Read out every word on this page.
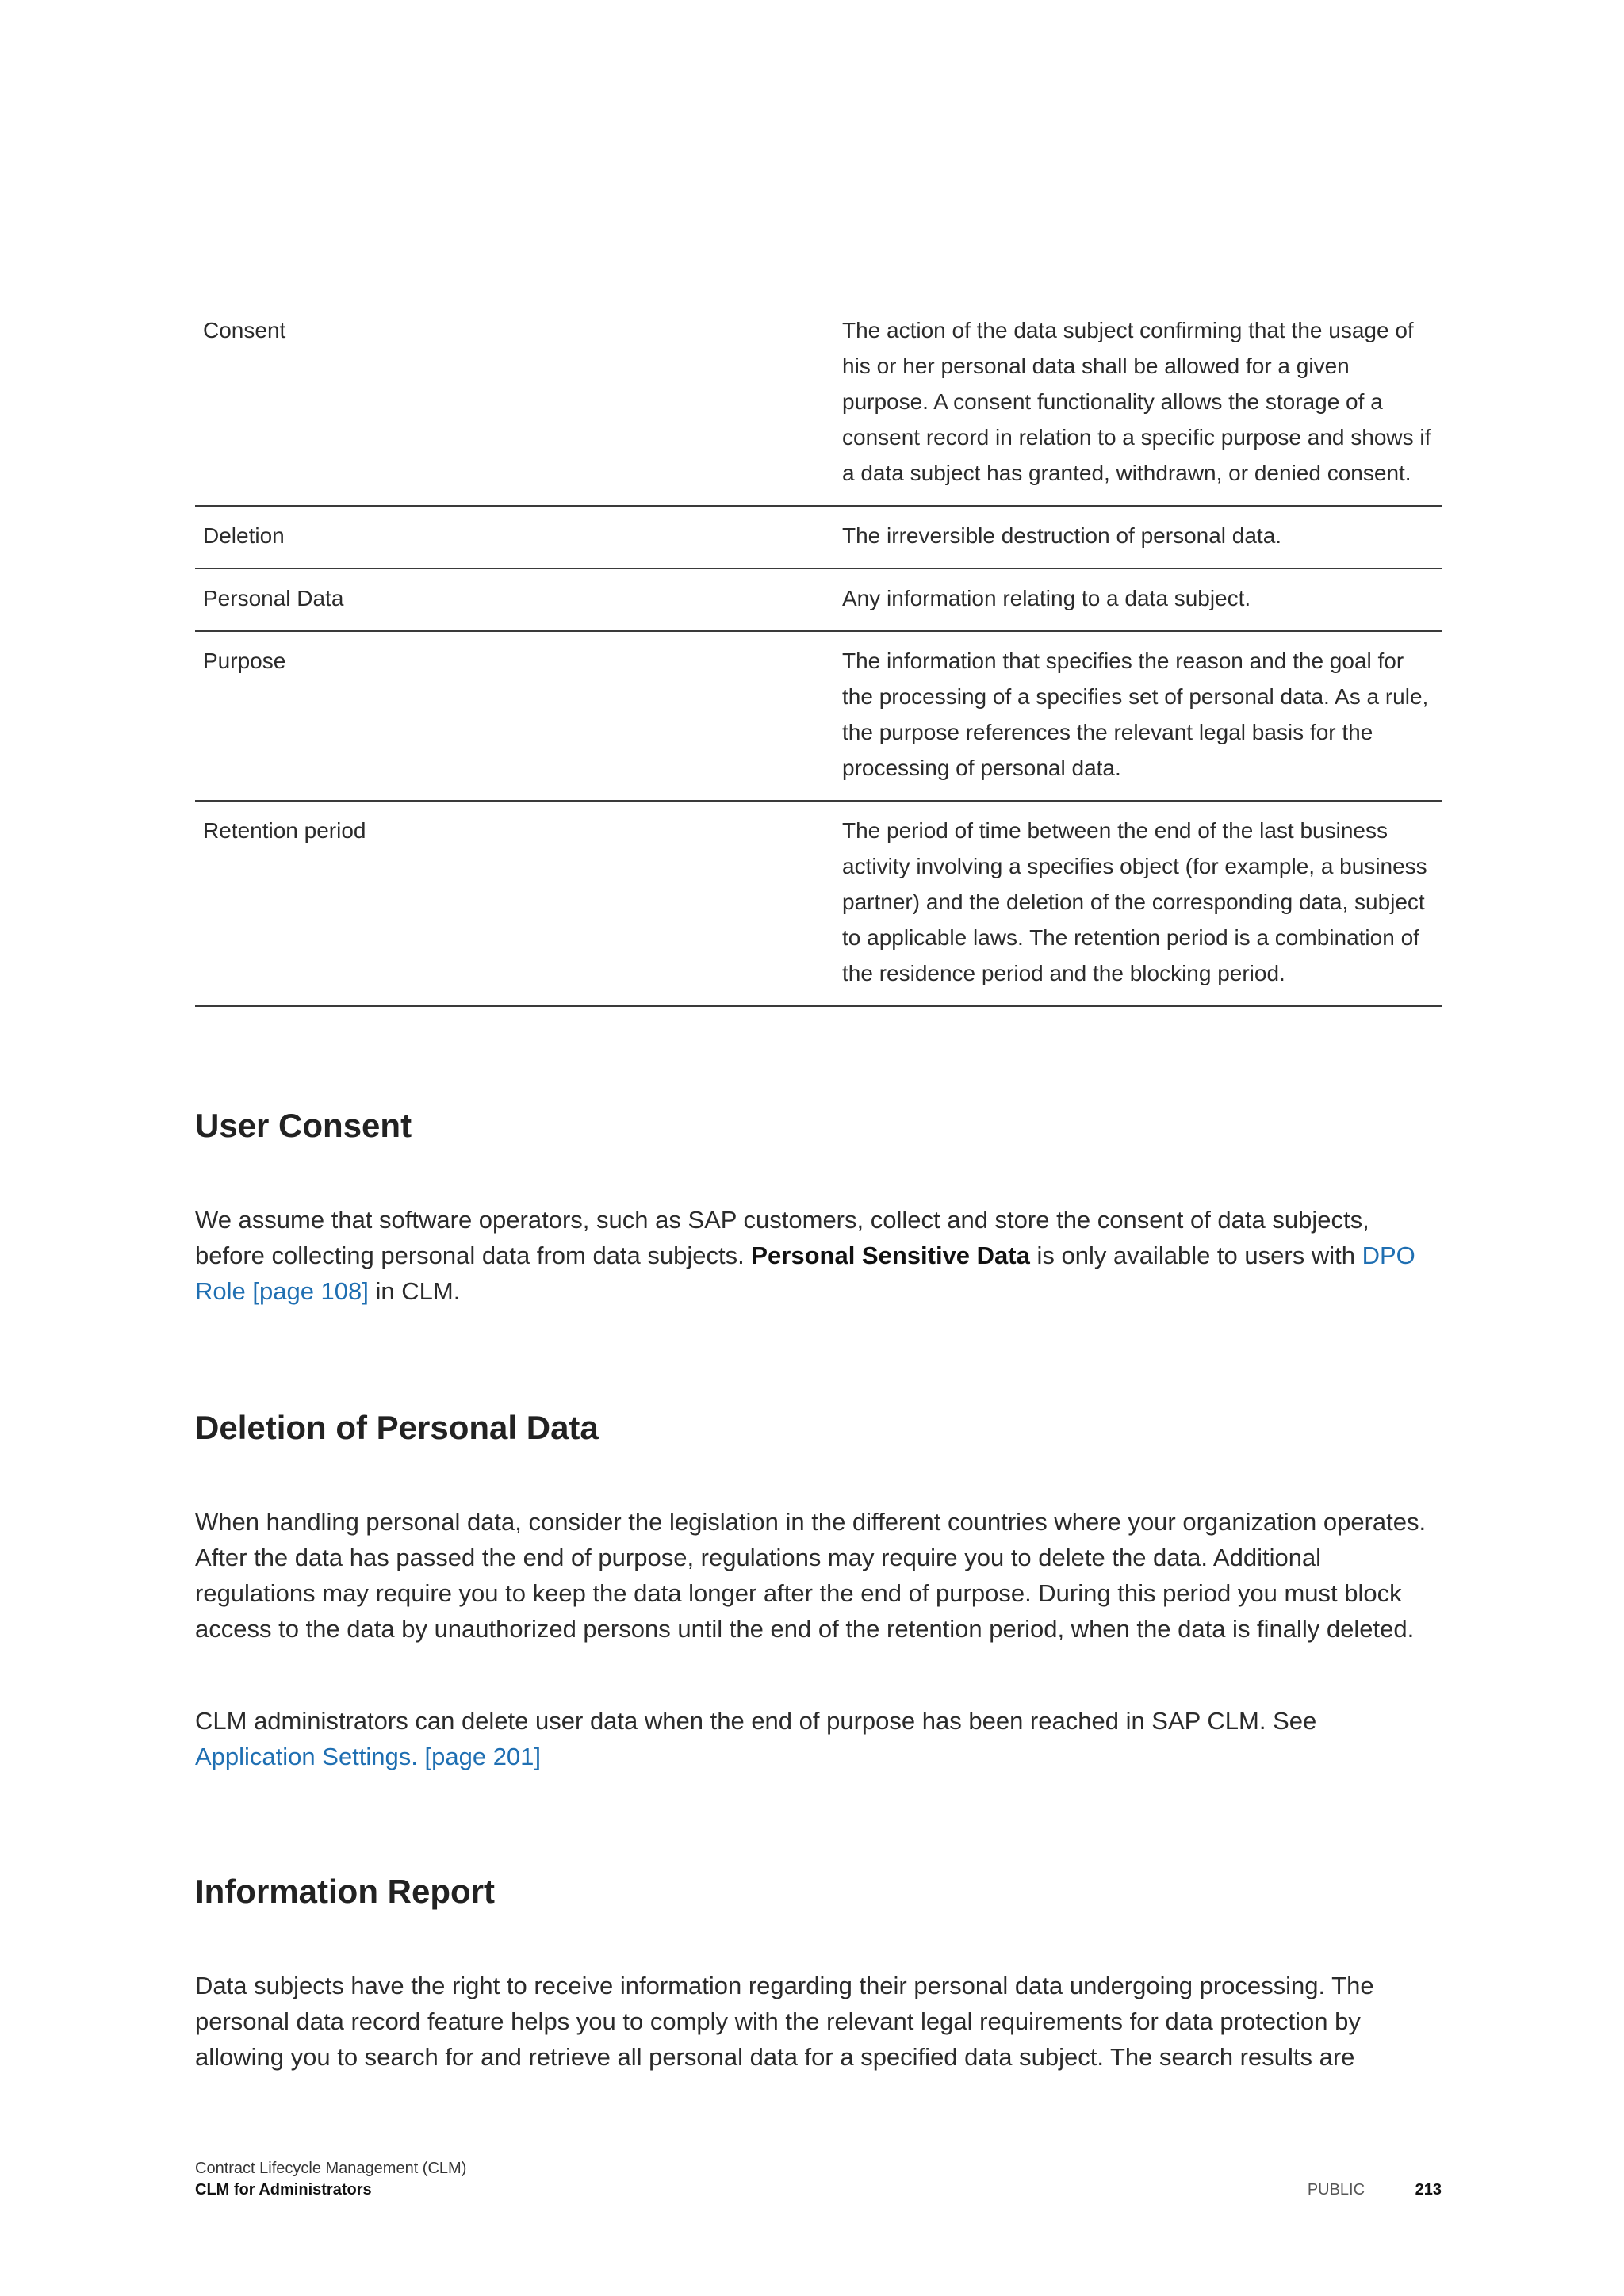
Consent	The action of the data subject confirming that the usage of his or her personal data shall be allowed for a given purpose. A consent functionality allows the storage of a consent record in relation to a specific purpose and shows if a data subject has granted, withdrawn, or denied consent.
Deletion	The irreversible destruction of personal data.
Personal Data	Any information relating to a data subject.
Purpose	The information that specifies the reason and the goal for the processing of a specifies set of personal data. As a rule, the purpose references the relevant legal basis for the processing of personal data.
Retention period	The period of time between the end of the last business activity involving a specifies object (for example, a business partner) and the deletion of the corresponding data, subject to applicable laws. The retention period is a combination of the residence period and the blocking period.
User Consent

We assume that software operators, such as SAP customers, collect and store the consent of data subjects, before collecting personal data from data subjects. Personal Sensitive Data is only available to users with DPO Role [page 108] in CLM.

Deletion of Personal Data

When handling personal data, consider the legislation in the different countries where your organization operates. After the data has passed the end of purpose, regulations may require you to delete the data. Additional regulations may require you to keep the data longer after the end of purpose. During this period you must block access to the data by unauthorized persons until the end of the retention period, when the data is finally deleted.

CLM administrators can delete user data when the end of purpose has been reached in SAP CLM. See Application Settings. [page 201]

Information Report

Data subjects have the right to receive information regarding their personal data undergoing processing. The personal data record feature helps you to comply with the relevant legal requirements for data protection by allowing you to search for and retrieve all personal data for a specified data subject. The search results are

Contract Lifecycle Management (CLM)
CLM for Administrators	PUBLIC	213
